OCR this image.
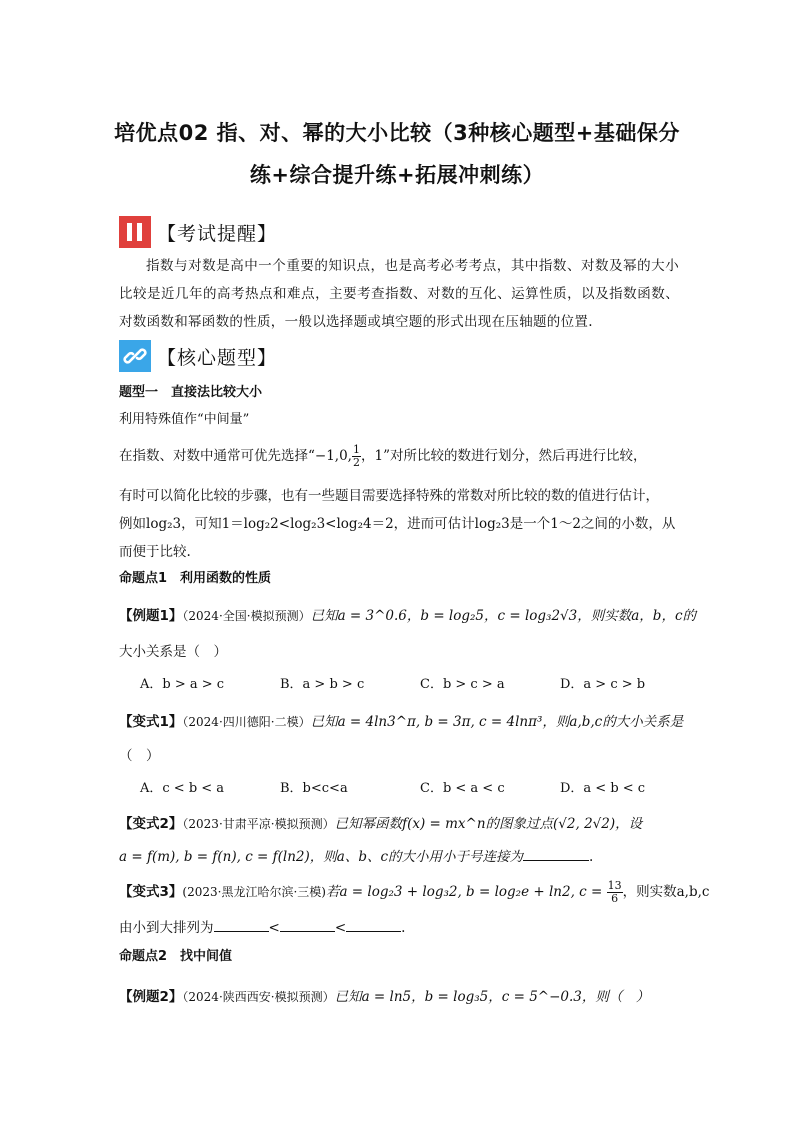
培优点02 指、对、幂的大小比较（3种核心题型+基础保分
练+综合提升练+拓展冲刺练）
【考试提醒】
指数与对数是高中一个重要的知识点，也是高考必考考点，其中指数、对数及幂的大小比较是近几年的高考热点和难点，主要考查指数、对数的互化、运算性质，以及指数函数、对数函数和幂函数的性质，一般以选择题或填空题的形式出现在压轴题的位置.
【核心题型】
题型一　直接法比较大小
利用特殊值作“中间量”
在指数、对数中通常可优先选择“−1,0, $\frac{1}{2}$ ，1”对所比较的数进行划分，然后再进行比较，
有时可以简化比较的步骤，也有一些题目需要选择特殊的常数对所比较的数的值进行估计，
例如log₂3，可知1＝log₂2<log₂3<log₂4＝2，进而可估计log₂3是一个1～2之间的小数，从
而便于比较.
命题点1　利用函数的性质
【例题1】（2024·全国·模拟预测）已知a = 3^0.6，b = log₂5，c = log₃2√3，则实数a，b，c的
大小关系是（　）
A．b > a > c	B．a > b > c	C．b > c > a	D．a > c > b
【变式1】（2024·四川德阳·二模）已知a = 4ln3^π, b = 3π, c = 4lnπ³，则a,b,c的大小关系是
（　）
A．c < b < a	B．b<c<a	C．b < a < c	D．a < b < c
【变式2】（2023·甘肃平凉·模拟预测）已知幂函数f(x) = mx^n的图象过点(√2, 2√2)，设
a = f(m), b = f(n), c = f(ln2)，则a、b、c的大小用小于号连接为	.
【变式3】(2023·黑龙江哈尔滨·三模)若a = log₂3 + log₃2, b = log₂e + ln2, $c = \frac{13}{6}$ ，则实数a,b,c
由小到大排列为	<	<	.
命题点2　找中间值
【例题2】（2024·陕西西安·模拟预测）已知a = ln5，b = log₃5，c = 5^−0.3，则（　）
